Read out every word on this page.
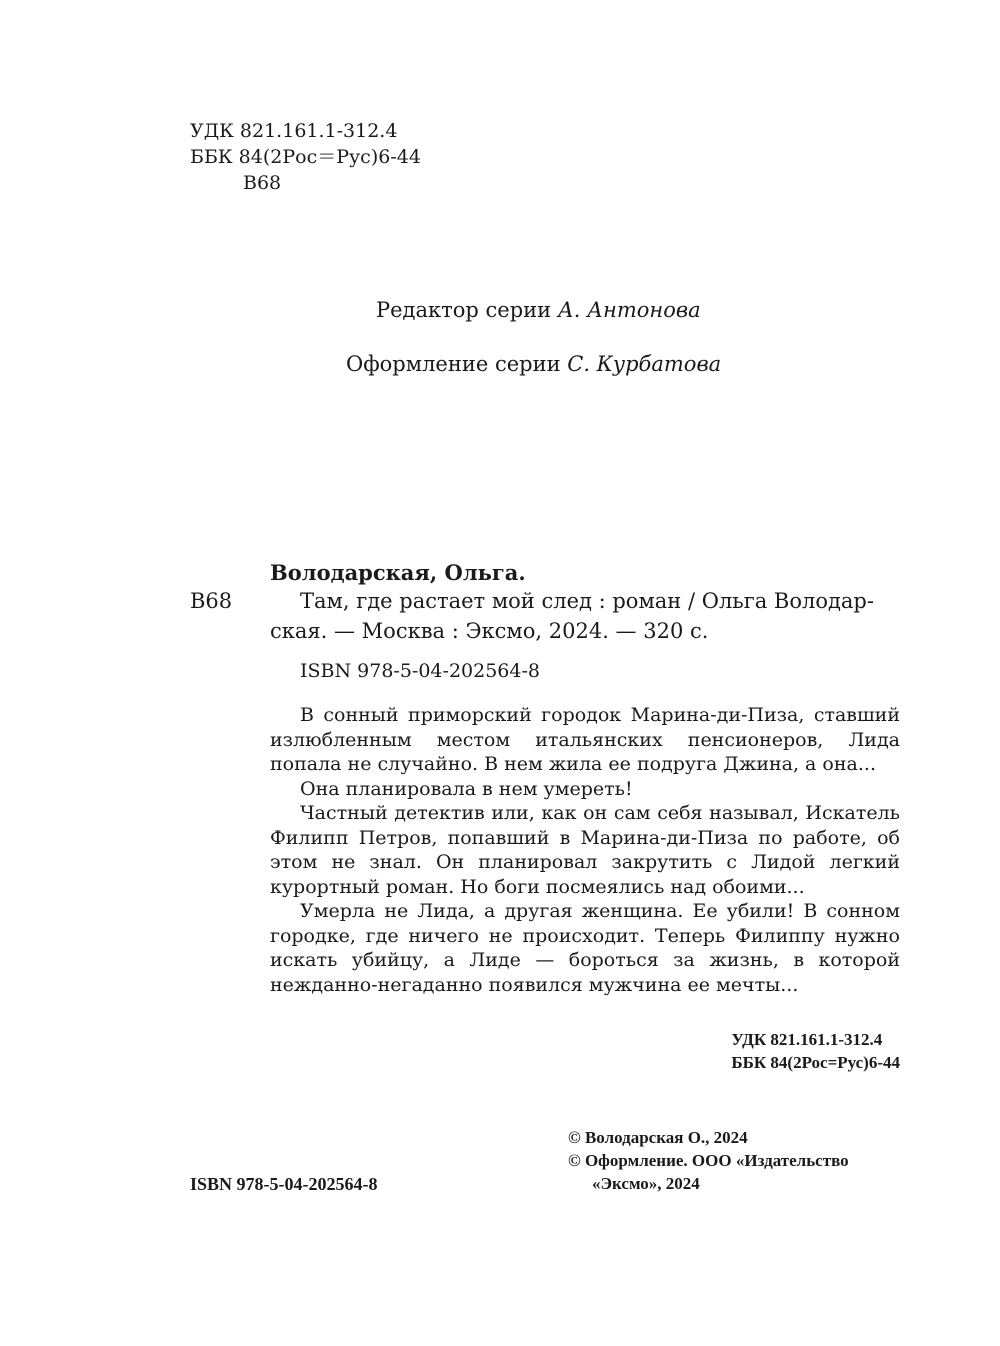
УДК 821.161.1-312.4
ББК 84(2Рос＝Рус)6-44
В68
Редактор серии А. Антонова
Оформление серии С. Курбатова
Володарская, Ольга.
В68	Там, где растает мой след : роман / Ольга Володар-
ская. — Москва : Эксмо, 2024. — 320 с.
ISBN 978-5-04-202564-8

В сонный приморский городок Марина-ди-Пиза, ставший излюбленным местом итальянских пенсионеров, Лида попала не случайно. В нем жила ее подруга Джина, а она...

Она планировала в нем умереть!

Частный детектив или, как он сам себя называл, Искатель Филипп Петров, попавший в Марина-ди-Пиза по работе, об этом не знал. Он планировал закрутить с Лидой легкий курортный роман. Но боги посмеялись над обоими...

Умерла не Лида, а другая женщина. Ее убили! В сонном городке, где ничего не происходит. Теперь Филиппу нужно искать убийцу, а Лиде — бороться за жизнь, в которой нежданно-негаданно появился мужчина ее мечты...

УДК 821.161.1-312.4
ББК 84(2Рос=Рус)6-44
© Володарская О., 2024
© Оформление. ООО «Издательство
«Эксмо», 2024
ISBN 978-5-04-202564-8
